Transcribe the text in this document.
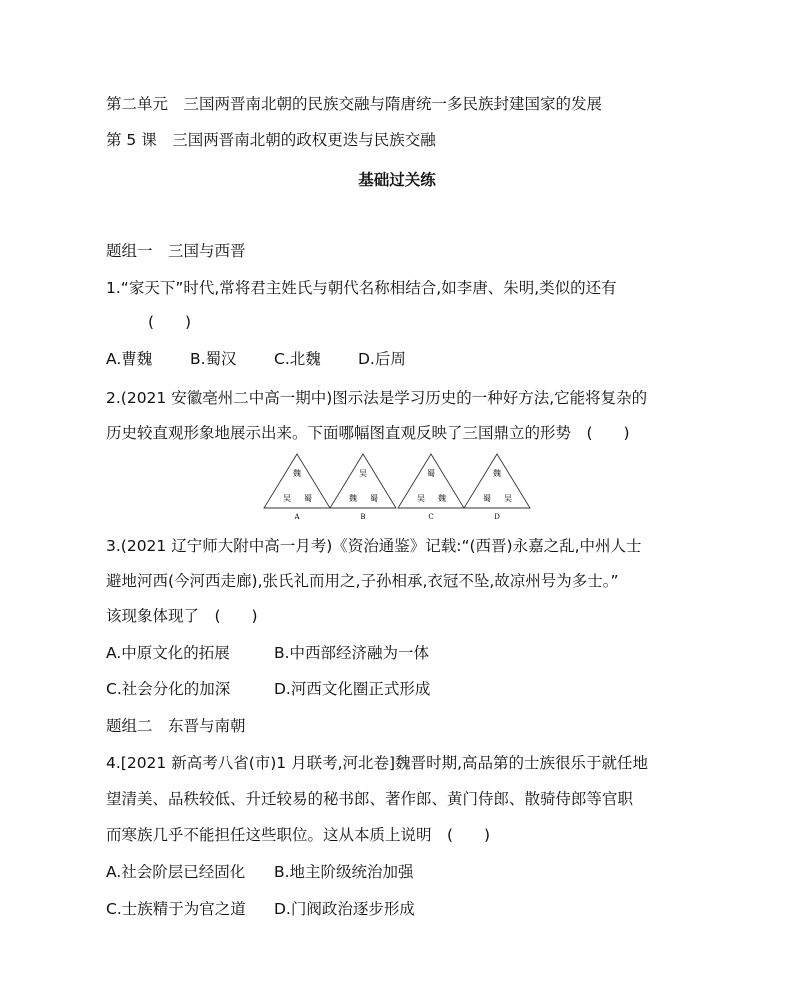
第二单元　三国两晋南北朝的民族交融与隋唐统一多民族封建国家的发展
第 5 课　三国两晋南北朝的政权更迭与民族交融
基础过关练
题组一　三国与西晋
1.“家天下”时代,常将君主姓氏与朝代名称相结合,如李唐、朱明,类似的还有
(　　)
A.曹魏 B.蜀汉 C.北魏 D.后周
2.(2021 安徽亳州二中高一期中)图示法是学习历史的一种好方法,它能将复杂的
历史较直观形象地展示出来。下面哪幅图直观反映了三国鼎立的形势　(　　)
魏
吴 蜀
A
吴
魏 蜀
B
蜀
吴 魏
C
魏
蜀 吴
D
3.(2021 辽宁师大附中高一月考)《资治通鉴》记载:“(西晋)永嘉之乱,中州人士
避地河西(今河西走廊),张氏礼而用之,子孙相承,衣冠不坠,故凉州号为多士。”
该现象体现了　(　　)
A.中原文化的拓展	B.中西部经济融为一体
C.社会分化的加深	D.河西文化圈正式形成
题组二　东晋与南朝
4.[2021 新高考八省(市)1 月联考,河北卷]魏晋时期,高品第的士族很乐于就任地
望清美、品秩较低、升迁较易的秘书郎、著作郎、黄门侍郎、散骑侍郎等官职
而寒族几乎不能担任这些职位。这从本质上说明　(　　)
A.社会阶层已经固化 B.地主阶级统治加强
C.士族精于为官之道 D.门阀政治逐步形成
